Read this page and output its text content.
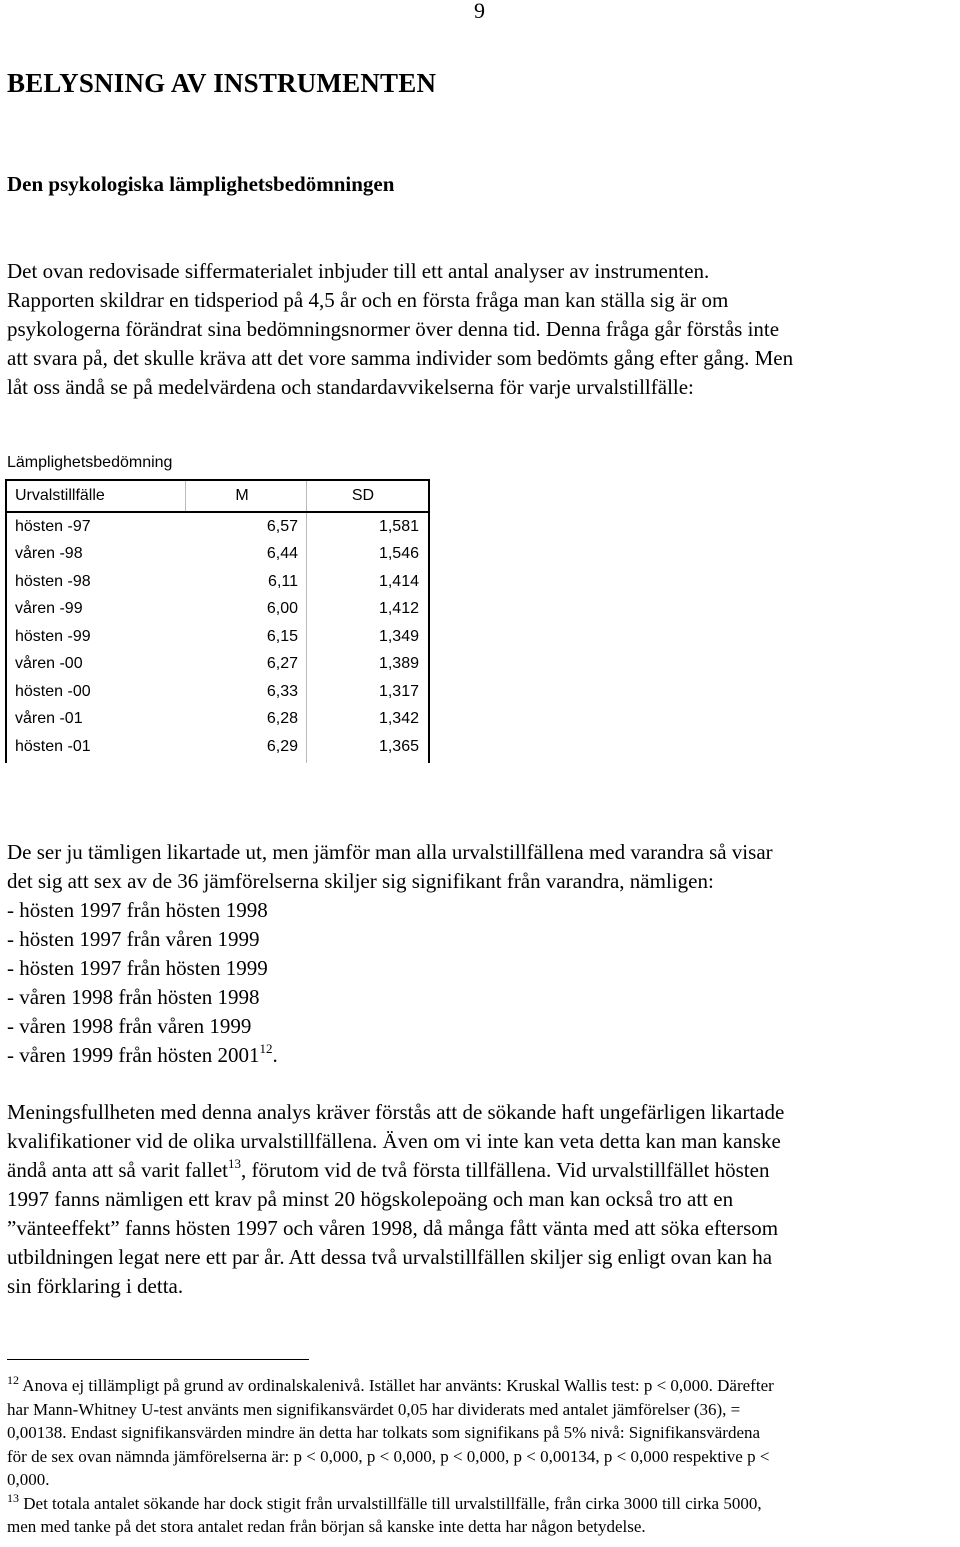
9
BELYSNING AV INSTRUMENTEN
Den psykologiska lämplighetsbedömningen
Det ovan redovisade siffermaterialet inbjuder till ett antal analyser av instrumenten.
Rapporten skildrar en tidsperiod på 4,5 år och en första fråga man kan ställa sig är om
psykologerna förändrat sina bedömningsnormer över denna tid. Denna fråga går förstås inte
att svara på, det skulle kräva att det vore samma individer som bedömts gång efter gång. Men
låt oss ändå se på medelvärdena och standardavvikelserna för varje urvalstillfälle:
Lämplighetsbedömning
Urvalstillfälle	M	SD
hösten -97	6,57	1,581
våren -98	6,44	1,546
hösten -98	6,11	1,414
våren -99	6,00	1,412
hösten -99	6,15	1,349
våren -00	6,27	1,389
hösten -00	6,33	1,317
våren -01	6,28	1,342
hösten -01	6,29	1,365
De ser ju tämligen likartade ut, men jämför man alla urvalstillfällena med varandra så visar
det sig att sex av de 36 jämförelserna skiljer sig signifikant från varandra, nämligen:
- hösten 1997 från hösten 1998
- hösten 1997 från våren 1999
- hösten 1997 från hösten 1999
- våren 1998 från hösten 1998
- våren 1998 från våren 1999
- våren 1999 från hösten 2001$^{12}$.
Meningsfullheten med denna analys kräver förstås att de sökande haft ungefärligen likartade
kvalifikationer vid de olika urvalstillfällena. Även om vi inte kan veta detta kan man kanske
ändå anta att så varit fallet$^{13}$, förutom vid de två första tillfällena. Vid urvalstillfället hösten
1997 fanns nämligen ett krav på minst 20 högskolepoäng och man kan också tro att en
”vänteeffekt” fanns hösten 1997 och våren 1998, då många fått vänta med att söka eftersom
utbildningen legat nere ett par år. Att dessa två urvalstillfällen skiljer sig enligt ovan kan ha
sin förklaring i detta.
$^{12}$ Anova ej tillämpligt på grund av ordinalskalenivå. Istället har använts: Kruskal Wallis test: p < 0,000. Därefter
har Mann-Whitney U-test använts men signifikansvärdet 0,05 har dividerats med antalet jämförelser (36), =
0,00138. Endast signifikansvärden mindre än detta har tolkats som signifikans på 5% nivå: Signifikansvärdena
för de sex ovan nämnda jämförelserna är: p < 0,000, p < 0,000, p < 0,000, p < 0,00134, p < 0,000 respektive p <
0,000.
$^{13}$ Det totala antalet sökande har dock stigit från urvalstillfälle till urvalstillfälle, från cirka 3000 till cirka 5000,
men med tanke på det stora antalet redan från början så kanske inte detta har någon betydelse.
